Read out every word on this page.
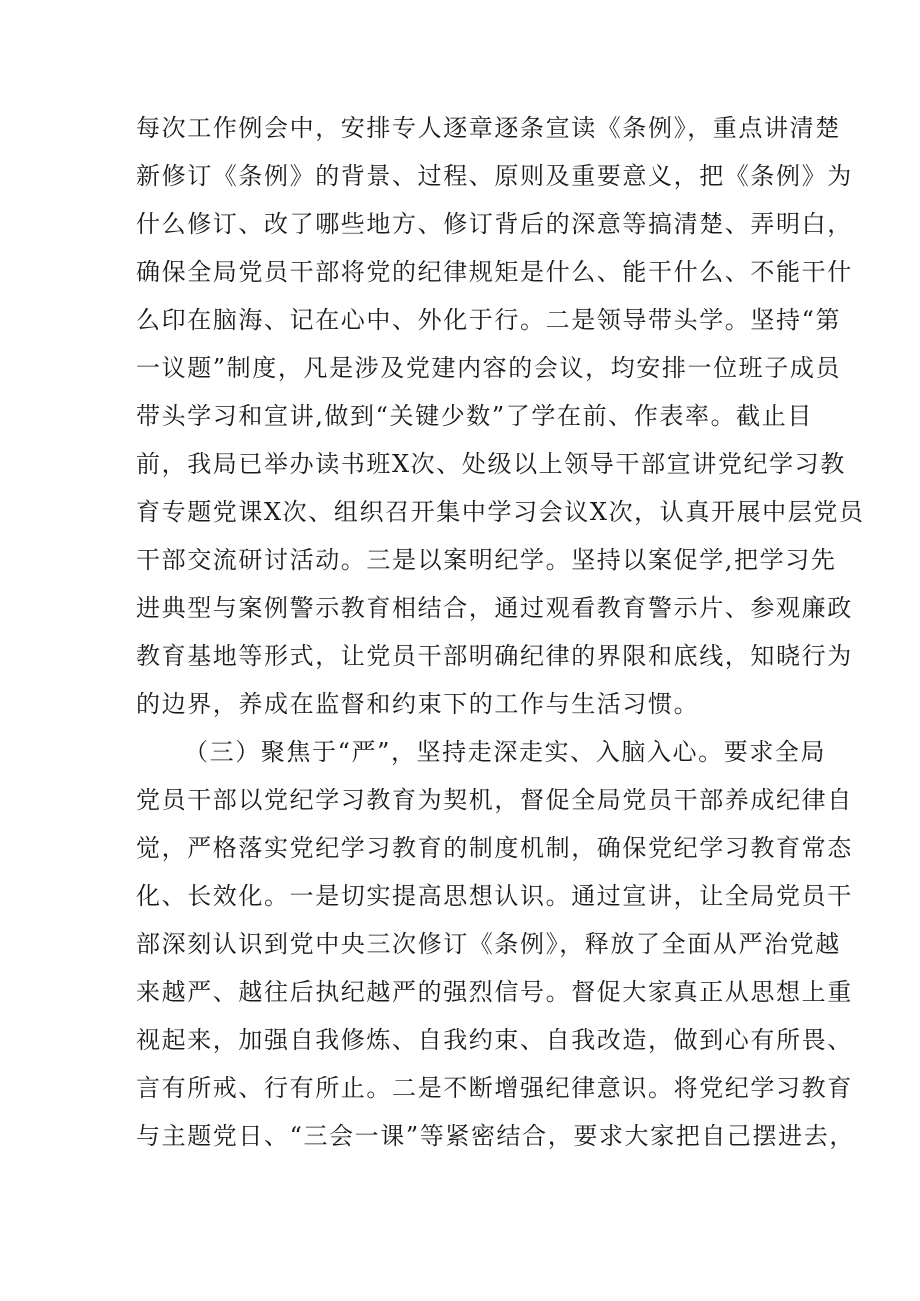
每次工作例会中，安排专人逐章逐条宣读《条例》，重点讲清楚
新修订《条例》的背景、过程、原则及重要意义，把《条例》为
什么修订、改了哪些地方、修订背后的深意等搞清楚、弄明白，
确保全局党员干部将党的纪律规矩是什么、能干什么、不能干什
么印在脑海、记在心中、外化于行。二是领导带头学。坚持“第
一议题”制度，凡是涉及党建内容的会议，均安排一位班子成员
带头学习和宣讲,做到“关键少数”了学在前、作表率。截止目
前，我局已举办读书班X次、处级以上领导干部宣讲党纪学习教
育专题党课X次、组织召开集中学习会议X次，认真开展中层党员
干部交流研讨活动。三是以案明纪学。坚持以案促学,把学习先
进典型与案例警示教育相结合，通过观看教育警示片、参观廉政
教育基地等形式，让党员干部明确纪律的界限和底线，知晓行为
的边界，养成在监督和约束下的工作与生活习惯。
（三）聚焦于“严”，坚持走深走实、入脑入心。要求全局
党员干部以党纪学习教育为契机，督促全局党员干部养成纪律自
觉，严格落实党纪学习教育的制度机制，确保党纪学习教育常态
化、长效化。一是切实提高思想认识。通过宣讲，让全局党员干
部深刻认识到党中央三次修订《条例》，释放了全面从严治党越
来越严、越往后执纪越严的强烈信号。督促大家真正从思想上重
视起来，加强自我修炼、自我约束、自我改造，做到心有所畏、
言有所戒、行有所止。二是不断增强纪律意识。将党纪学习教育
与主题党日、“三会一课”等紧密结合，要求大家把自己摆进去，
